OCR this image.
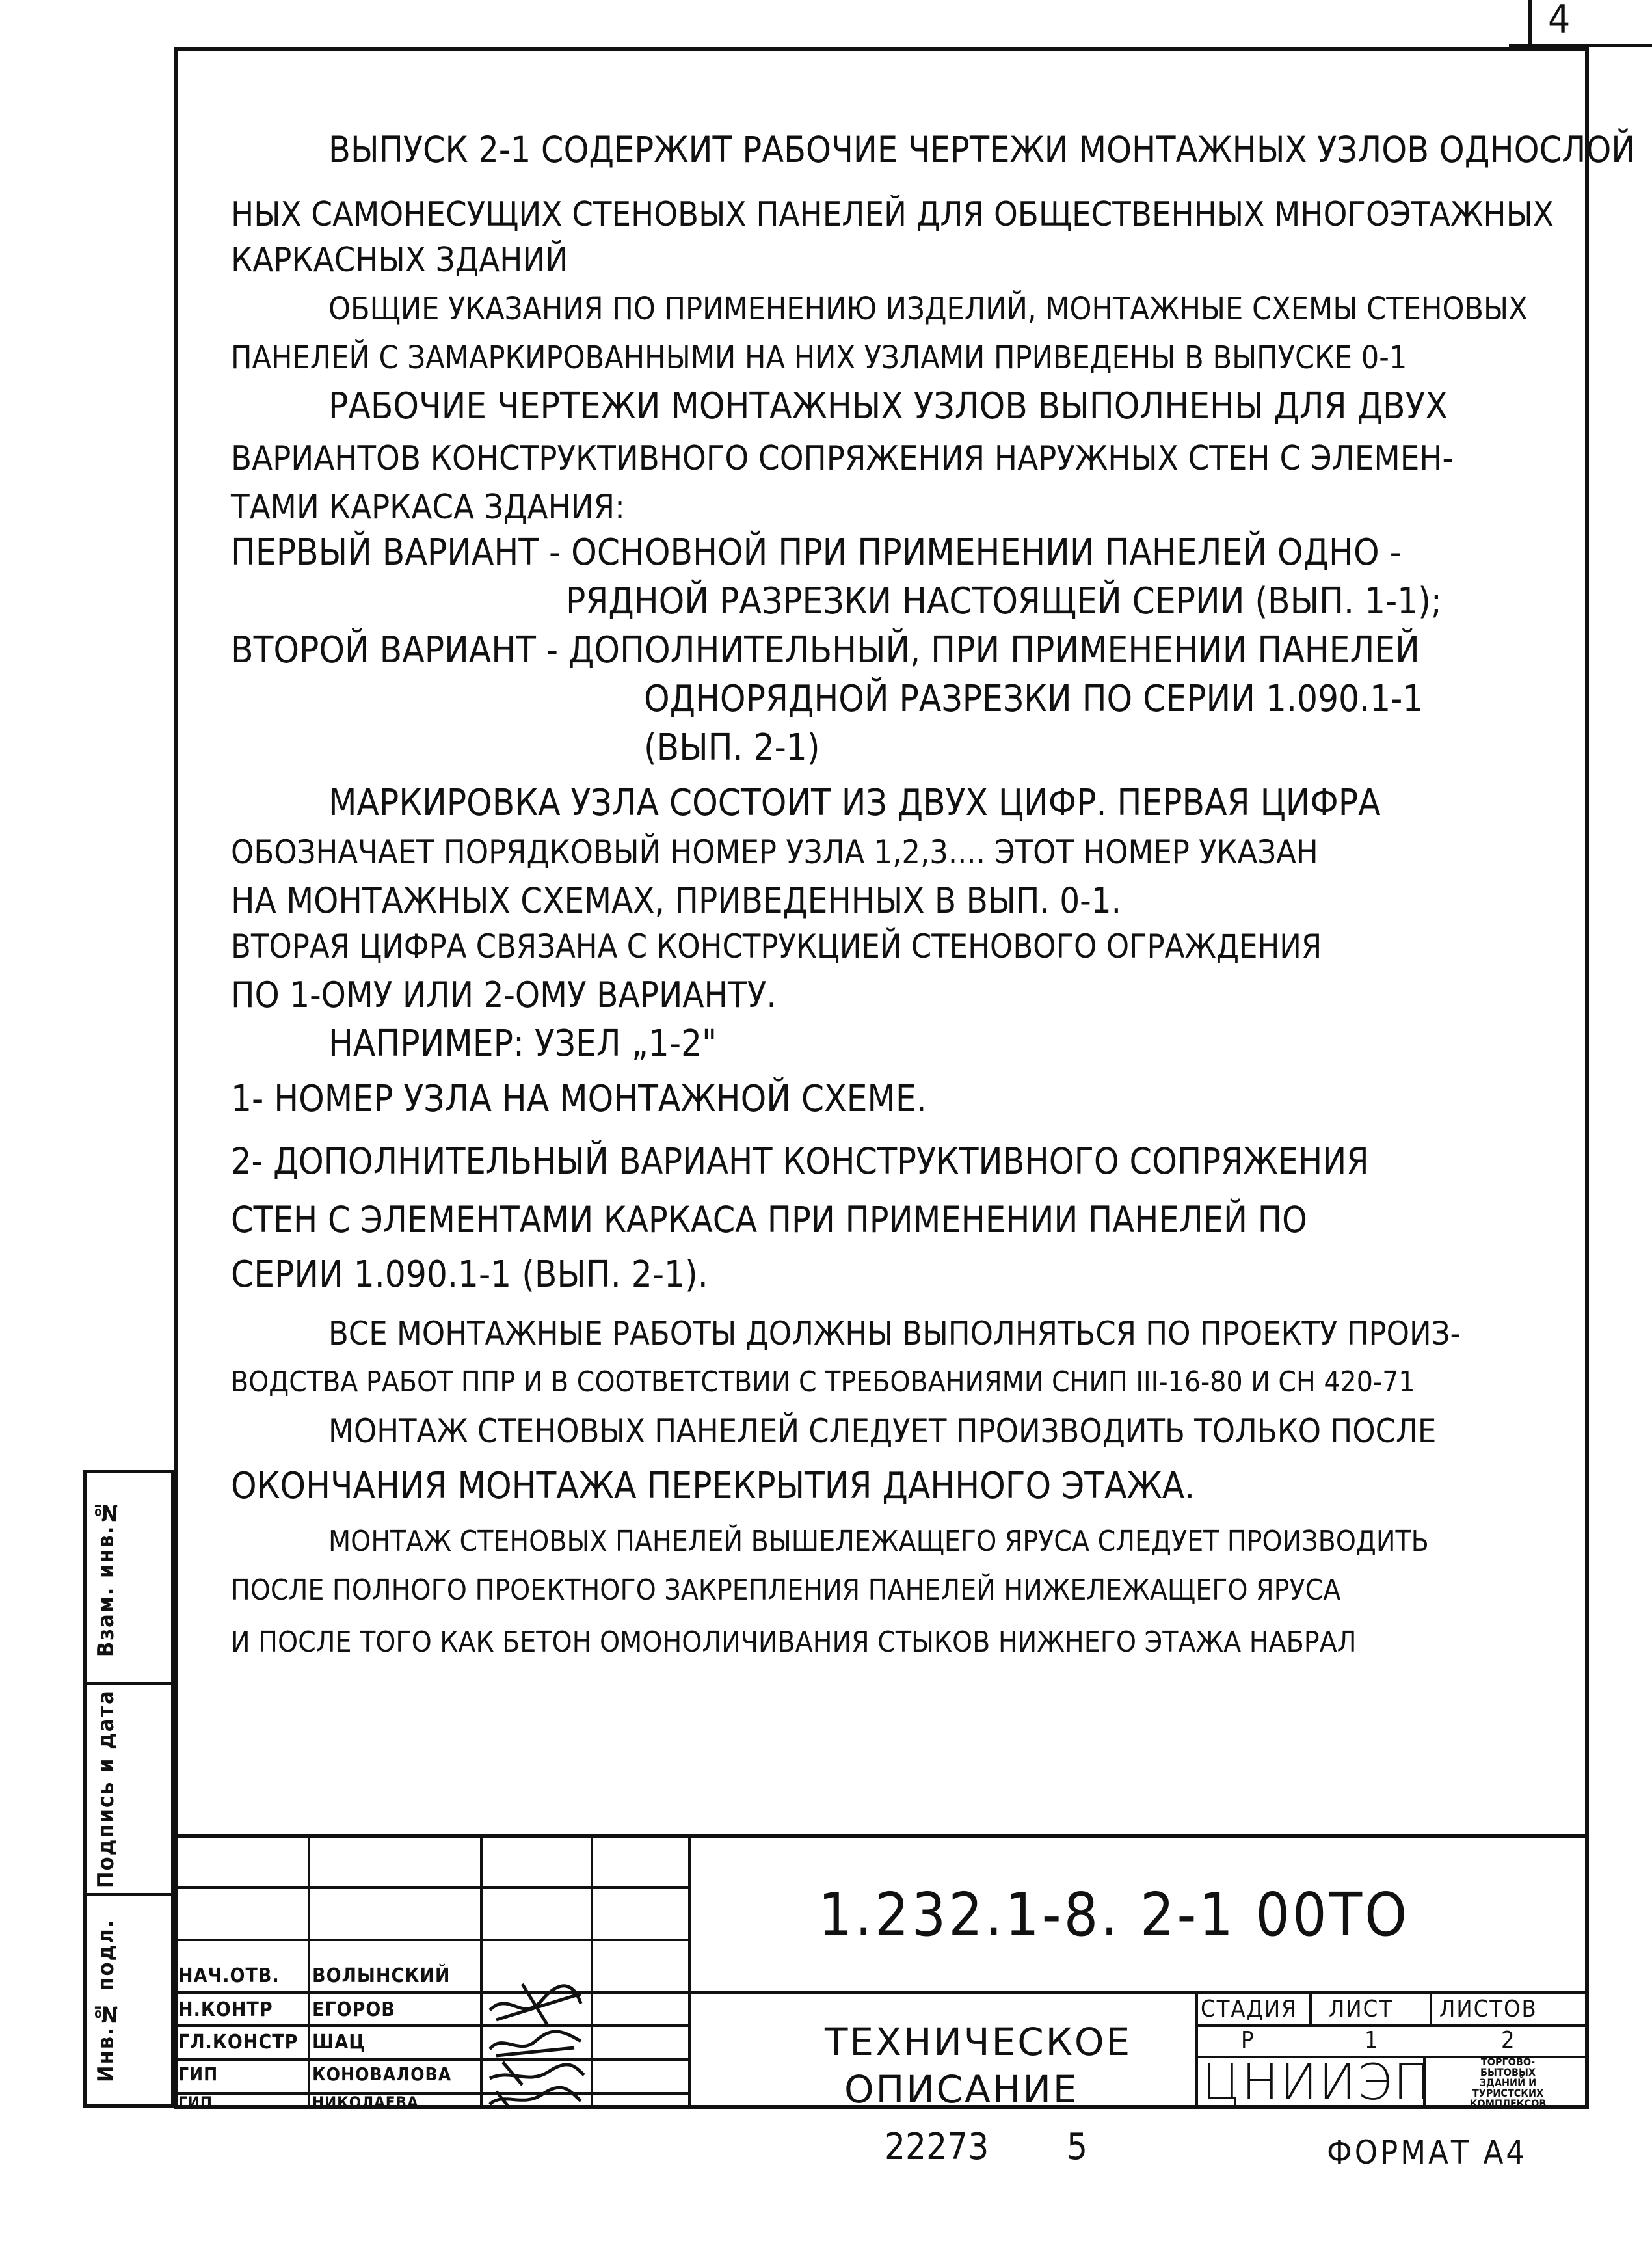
4
ВЫПУСК 2-1 СОДЕРЖИТ РАБОЧИЕ ЧЕРТЕЖИ МОНТАЖНЫХ УЗЛОВ ОДНОСЛОЙ
НЫХ САМОНЕСУЩИХ СТЕНОВЫХ ПАНЕЛЕЙ ДЛЯ ОБЩЕСТВЕННЫХ МНОГОЭТАЖНЫХ
КАРКАСНЫХ ЗДАНИЙ
ОБЩИЕ УКАЗАНИЯ ПО ПРИМЕНЕНИЮ ИЗДЕЛИЙ, МОНТАЖНЫЕ СХЕМЫ СТЕНОВЫХ
ПАНЕЛЕЙ С ЗАМАРКИРОВАННЫМИ НА НИХ УЗЛАМИ ПРИВЕДЕНЫ В ВЫПУСКЕ 0-1
РАБОЧИЕ ЧЕРТЕЖИ МОНТАЖНЫХ УЗЛОВ ВЫПОЛНЕНЫ ДЛЯ ДВУХ
ВАРИАНТОВ КОНСТРУКТИВНОГО СОПРЯЖЕНИЯ НАРУЖНЫХ СТЕН С ЭЛЕМЕН-
ТАМИ КАРКАСА ЗДАНИЯ:
ПЕРВЫЙ ВАРИАНТ - ОСНОВНОЙ ПРИ ПРИМЕНЕНИИ ПАНЕЛЕЙ ОДНО -
РЯДНОЙ РАЗРЕЗКИ НАСТОЯЩЕЙ СЕРИИ (ВЫП. 1-1);
ВТОРОЙ ВАРИАНТ - ДОПОЛНИТЕЛЬНЫЙ, ПРИ ПРИМЕНЕНИИ ПАНЕЛЕЙ
ОДНОРЯДНОЙ РАЗРЕЗКИ ПО СЕРИИ 1.090.1-1
(ВЫП. 2-1)
МАРКИРОВКА УЗЛА СОСТОИТ ИЗ ДВУХ ЦИФР. ПЕРВАЯ ЦИФРА
ОБОЗНАЧАЕТ ПОРЯДКОВЫЙ НОМЕР УЗЛА 1,2,3.... ЭТОТ НОМЕР УКАЗАН
НА МОНТАЖНЫХ СХЕМАХ, ПРИВЕДЕННЫХ В ВЫП. 0-1.
ВТОРАЯ ЦИФРА СВЯЗАНА С КОНСТРУКЦИЕЙ СТЕНОВОГО ОГРАЖДЕНИЯ
ПО 1-ОМУ ИЛИ 2-ОМУ ВАРИАНТУ.
НАПРИМЕР: УЗЕЛ „1-2"
1- НОМЕР УЗЛА НА МОНТАЖНОЙ СХЕМЕ.
2- ДОПОЛНИТЕЛЬНЫЙ ВАРИАНТ КОНСТРУКТИВНОГО СОПРЯЖЕНИЯ
СТЕН С ЭЛЕМЕНТАМИ КАРКАСА ПРИ ПРИМЕНЕНИИ ПАНЕЛЕЙ ПО
СЕРИИ 1.090.1-1 (ВЫП. 2-1).
ВСЕ МОНТАЖНЫЕ РАБОТЫ ДОЛЖНЫ ВЫПОЛНЯТЬСЯ ПО ПРОЕКТУ ПРОИЗ-
ВОДСТВА РАБОТ ППР И В СООТВЕТСТВИИ С ТРЕБОВАНИЯМИ СНИП III-16-80 И СН 420-71
МОНТАЖ СТЕНОВЫХ ПАНЕЛЕЙ СЛЕДУЕТ ПРОИЗВОДИТЬ ТОЛЬКО ПОСЛЕ
ОКОНЧАНИЯ МОНТАЖА ПЕРЕКРЫТИЯ ДАННОГО ЭТАЖА.
МОНТАЖ СТЕНОВЫХ ПАНЕЛЕЙ ВЫШЕЛЕЖАЩЕГО ЯРУСА СЛЕДУЕТ ПРОИЗВОДИТЬ
ПОСЛЕ ПОЛНОГО ПРОЕКТНОГО ЗАКРЕПЛЕНИЯ ПАНЕЛЕЙ НИЖЕЛЕЖАЩЕГО ЯРУСА
И ПОСЛЕ ТОГО КАК БЕТОН ОМОНОЛИЧИВАНИЯ СТЫКОВ НИЖНЕГО ЭТАЖА НАБРАЛ
Взам. инв.№
Подпись и дата
Инв.№ подл.
1.232.1-8. 2-1 00ТО
НАЧ.ОТВ. ВОЛЫНСКИЙ
Н.КОНТР ЕГОРОВ
ГЛ.КОНСТР ШАЦ
ГИП	КОНОВАЛОВА
ТЕХНИЧЕСКОЕ
ОПИСАНИЕ
СТАДИЯ ЛИСТ ЛИСТОВ
Р	1	2
ЦНИИЭП	ТОРГОВО-
БЫТОВЫХ
ЗДАНИЙ И
ТУРИСТСКИХ
КОМПЛЕКСОВ
ГИП	НИКОЛАЕВА
22273 5	ФОРМАТ А4
